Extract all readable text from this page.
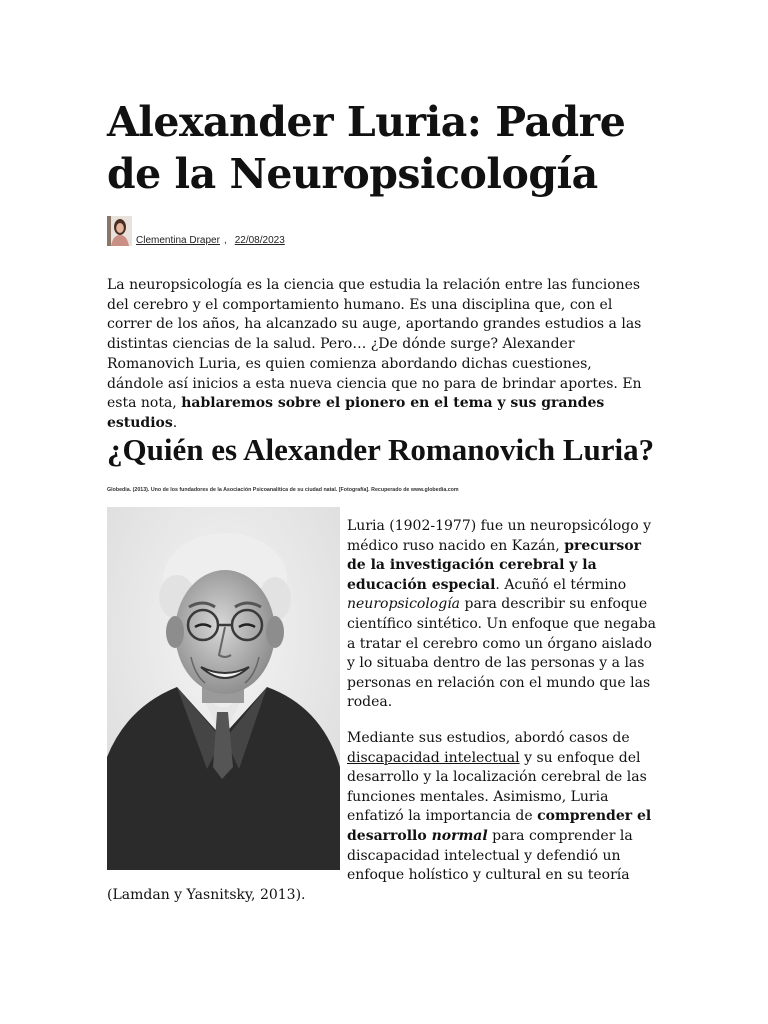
Alexander Luria: Padre de la Neuropsicología
Clementina Draper , 22/08/2023

La neuropsicología es la ciencia que estudia la relación entre las funciones del cerebro y el comportamiento humano. Es una disciplina que, con el correr de los años, ha alcanzado su auge, aportando grandes estudios a las distintas ciencias de la salud. Pero… ¿De dónde surge? Alexander Romanovich Luria, es quien comienza abordando dichas cuestiones, dándole así inicios a esta nueva ciencia que no para de brindar aportes. En esta nota, hablaremos sobre el pionero en el tema y sus grandes estudios.

¿Quién es Alexander Romanovich Luria?

Globedia. (2013). Uno de los fundadores de la Asociación Psicoanalítica de su ciudad natal. [Fotografía]. Recuperado de www.globedia.com

Luria (1902-1977) fue un neuropsicólogo y médico ruso nacido en Kazán, precursor de la investigación cerebral y la educación especial. Acuñó el término neuropsicología para describir su enfoque científico sintético. Un enfoque que negaba a tratar el cerebro como un órgano aislado y lo situaba dentro de las personas y a las personas en relación con el mundo que las rodea.

Mediante sus estudios, abordó casos de discapacidad intelectual y su enfoque del desarrollo y la localización cerebral de las funciones mentales. Asimismo, Luria enfatizó la importancia de comprender el desarrollo normal para comprender la discapacidad intelectual y defendió un enfoque holístico y cultural en su teoría

(Lamdan y Yasnitsky, 2013).
